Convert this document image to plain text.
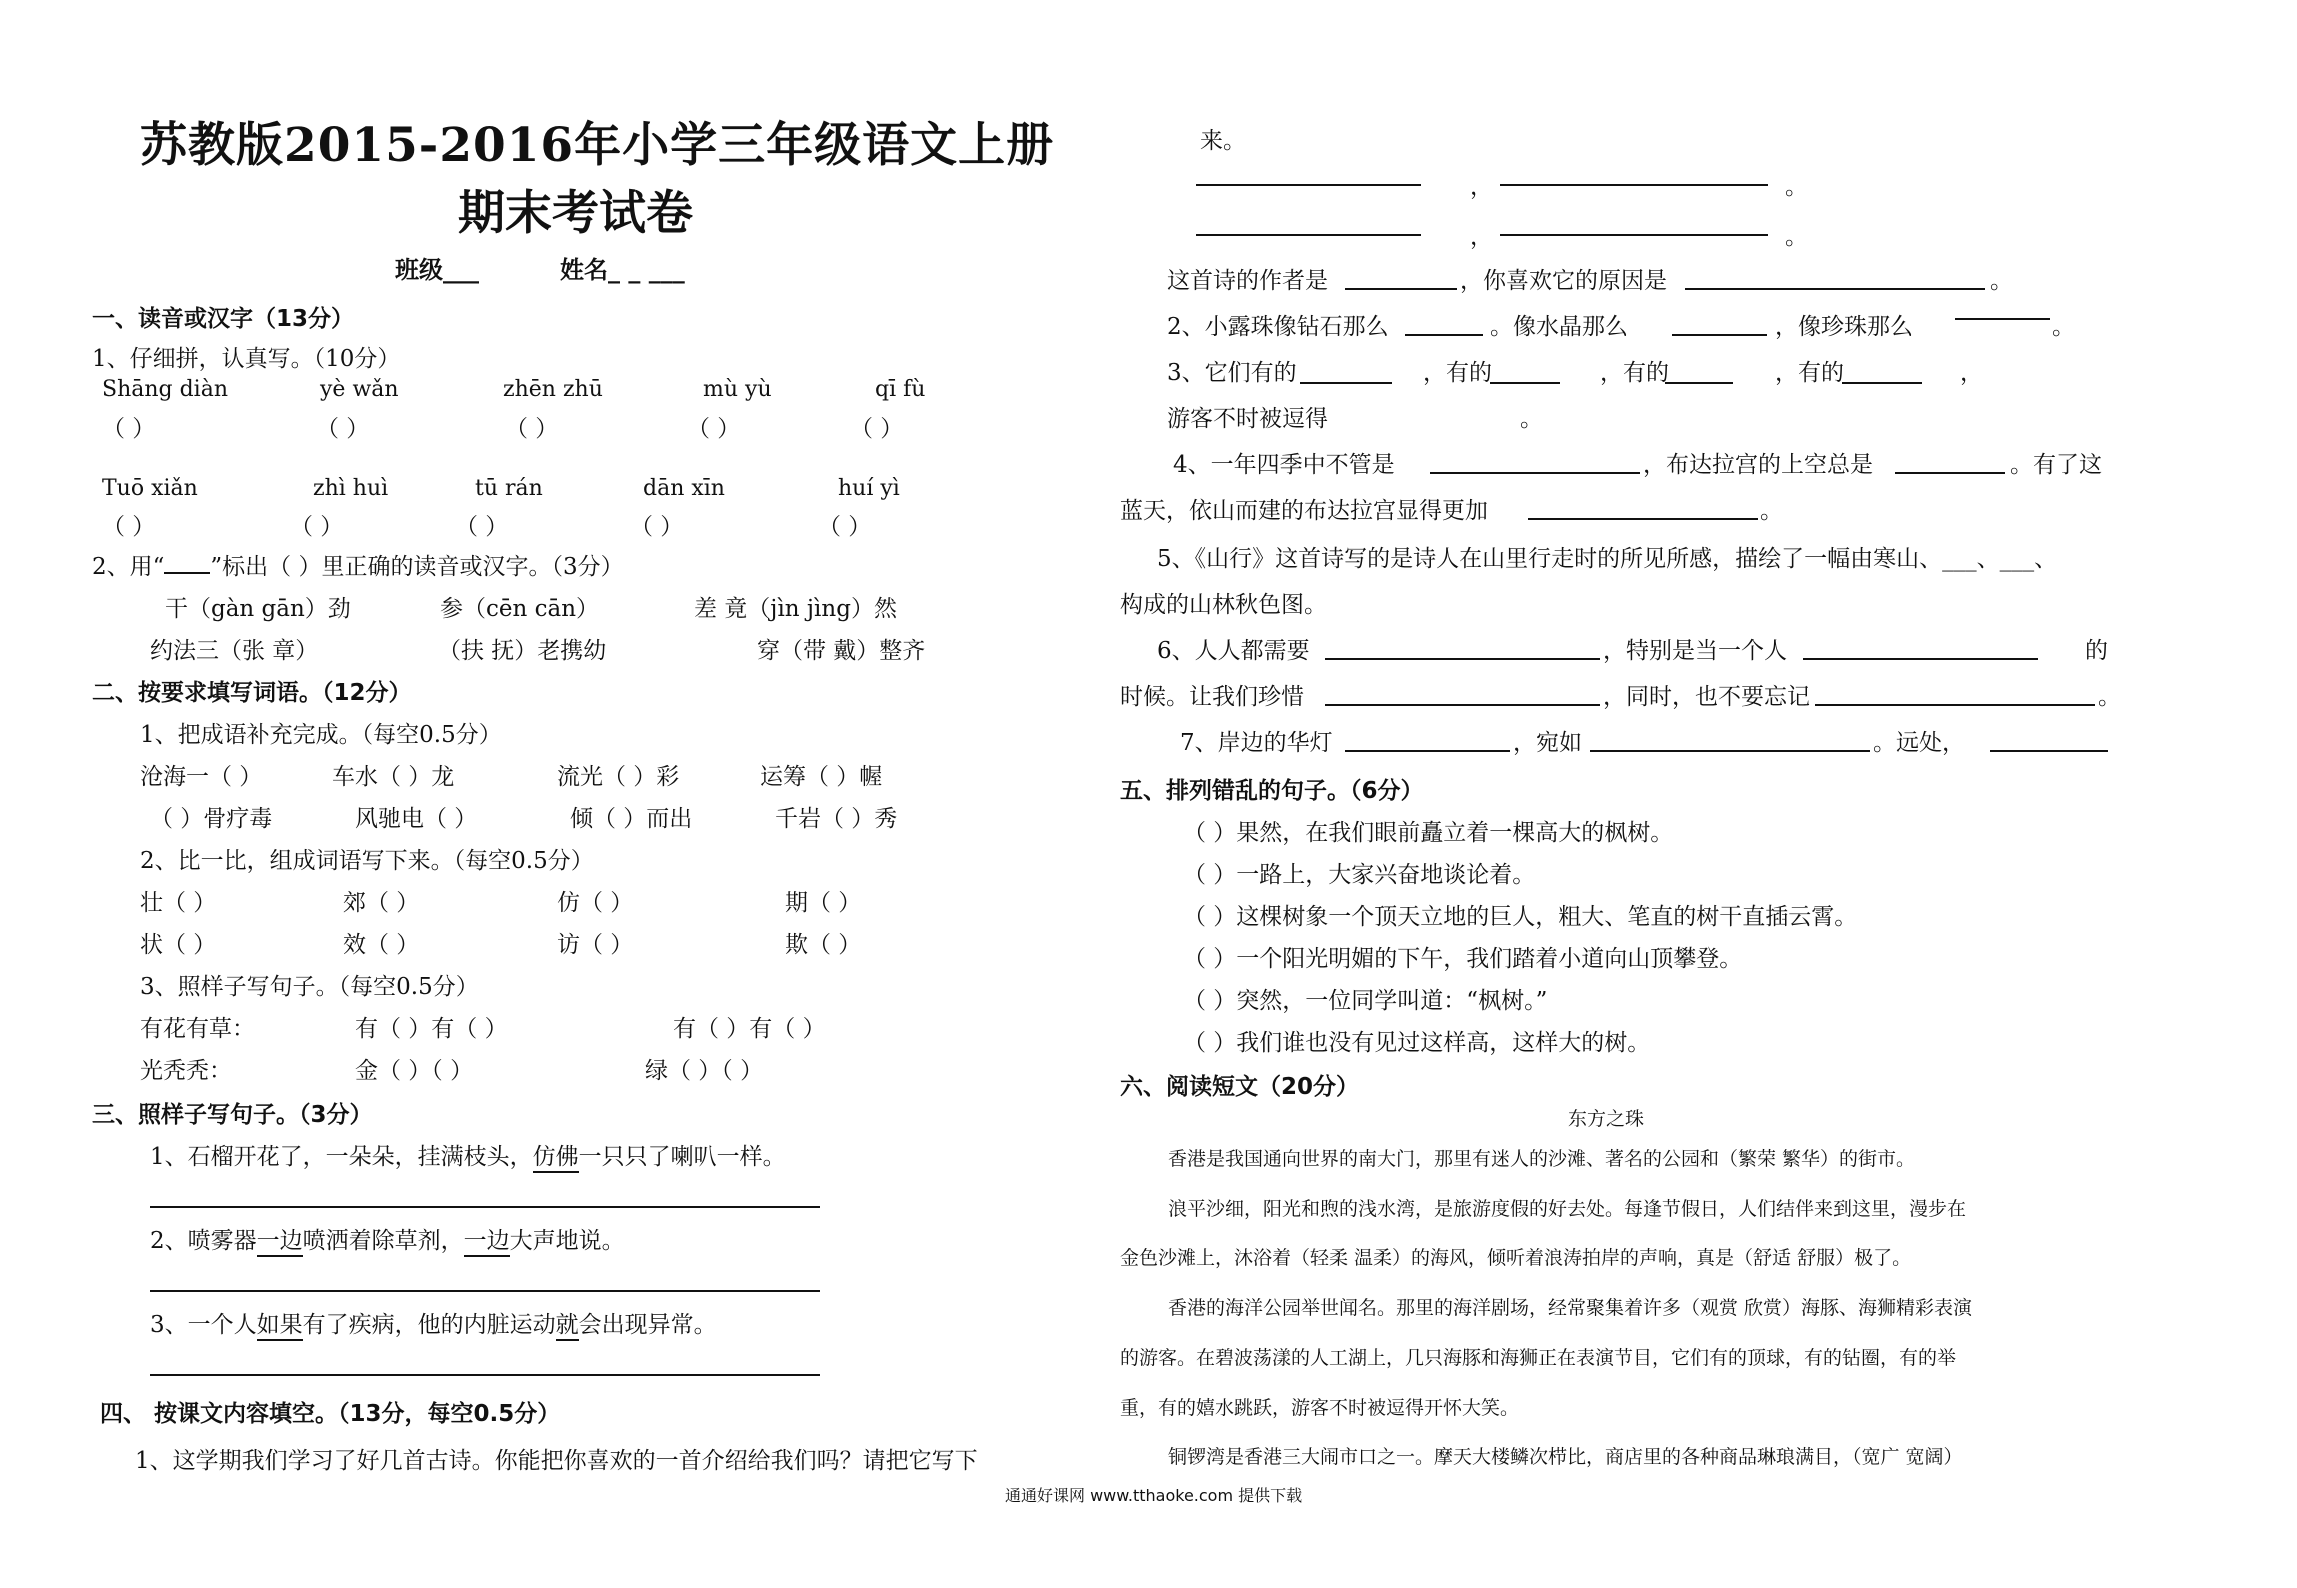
苏教版2015-2016年小学三年级语文上册
期末考试卷
班级___	姓名_ _ ___
一、读音或汉字（13分）
1、仔细拼，认真写。（10分）
Shāng diàn	yè wǎn	zhēn zhū	mù yù	qī fù
（ ）	（ ）	（ ）	（ ）	（ ）
Tuō xiǎn	zhì huì	tū rán	dān xīn	huí yì
（ ）	（ ）	（ ）	（ ）	（ ）
2、用“ ”标出（ ）里正确的读音或汉字。（3分）
干（gàn gān）劲	参（cēn cān）	差 竟（jìn jìng）然
约法三（张 章）	（扶 抚）老携幼	穿（带 戴）整齐
二、按要求填写词语。（12分）
1、把成语补充完成。（每空0.5分）
沧海一（ ）	车水（ ）龙	流光（ ）彩	运筹（ ）幄
（ ）骨疗毒	风驰电（ ）	倾（ ）而出	千岩（ ）秀
2、比一比，组成词语写下来。（每空0.5分）
壮（ ）	郊（ ）	仿（ ）	期（ ）
状（ ）	效（ ）	访（ ）	欺（ ）
3、照样子写句子。（每空0.5分）
有花有草：	有（ ）有（ ）	有（ ）有（ ）
光秃秃：	金（ ）（ ）	绿（ ）（ ）
三、照样子写句子。（3分）
1、石榴开花了，一朵朵，挂满枝头，仿佛一只只了喇叭一样。
2、喷雾器一边喷洒着除草剂，一边大声地说。
3、一个人如果有了疾病，他的内脏运动就会出现异常。
四、 按课文内容填空。（13分，每空0.5分）
1、这学期我们学习了好几首古诗。你能把你喜欢的一首介绍给我们吗？请把它写下
来。
，	。
，	。
这首诗的作者是	，你喜欢它的原因是	。
2、小露珠像钻石那么	。像水晶那么	，像珍珠那么	。
3、它们有的	，有的	，有的	，有的	，
游客不时被逗得	。
4、一年四季中不管是	，布达拉宫的上空总是	。有了这
蓝天，依山而建的布达拉宫显得更加	。
5、《山行》这首诗写的是诗人在山里行走时的所见所感，描绘了一幅由寒山、___、___、
构成的山林秋色图。
6、人人都需要	，特别是当一个人	的
时候。让我们珍惜	，同时，也不要忘记	。
7、岸边的华灯	，宛如	。远处，
五、排列错乱的句子。（6分）
（ ）果然，在我们眼前矗立着一棵高大的枫树。
（ ）一路上，大家兴奋地谈论着。
（ ）这棵树象一个顶天立地的巨人，粗大、笔直的树干直插云霄。
（ ）一个阳光明媚的下午，我们踏着小道向山顶攀登。
（ ）突然，一位同学叫道：“枫树。”
（ ）我们谁也没有见过这样高，这样大的树。
六、阅读短文（20分）
东方之珠
香港是我国通向世界的南大门，那里有迷人的沙滩、著名的公园和（繁荣 繁华）的街市。
浪平沙细，阳光和煦的浅水湾，是旅游度假的好去处。每逢节假日，人们结伴来到这里，漫步在
金色沙滩上，沐浴着（轻柔 温柔）的海风，倾听着浪涛拍岸的声响，真是（舒适 舒服）极了。
香港的海洋公园举世闻名。那里的海洋剧场，经常聚集着许多（观赏 欣赏）海豚、海狮精彩表演
的游客。在碧波荡漾的人工湖上，几只海豚和海狮正在表演节目，它们有的顶球，有的钻圈，有的举
重，有的嬉水跳跃，游客不时被逗得开怀大笑。
铜锣湾是香港三大闹市口之一。摩天大楼鳞次栉比，商店里的各种商品琳琅满目，（宽广 宽阔）
通通好课网 www.tthaoke.com 提供下载
